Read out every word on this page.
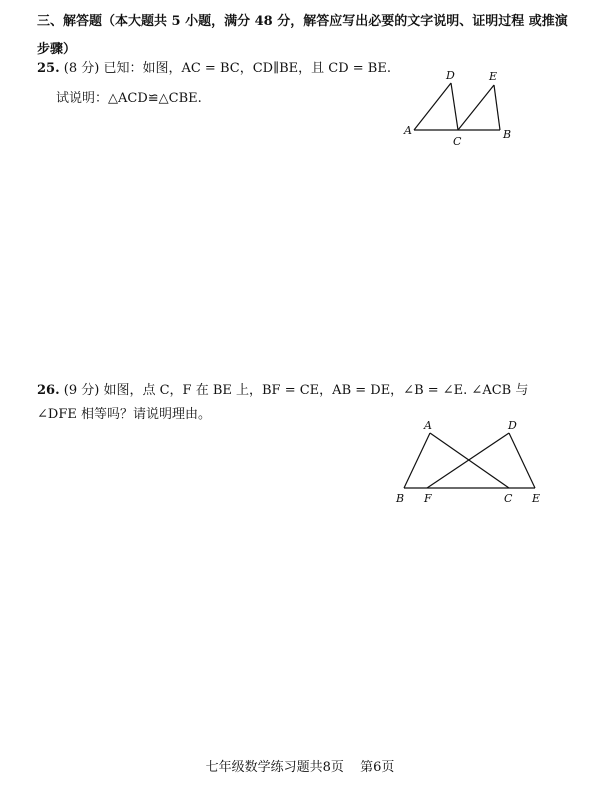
三、解答题（本大题共 5 小题，满分 48 分，解答应写出必要的文字说明、证明过程 或推演步骤）
25. (8 分) 已知：如图，AC = BC，CD∥BE，且 CD = BE.
试说明：△ACD≌△CBE.
A
D	E
C
B
26. (9 分) 如图，点 C，F 在 BE 上，BF = CE，AB = DE，∠B = ∠E. ∠ACB 与∠DFE 相等吗？请说明理由。
A	D
B F	C E
七年级数学练习题共8页 第6页
